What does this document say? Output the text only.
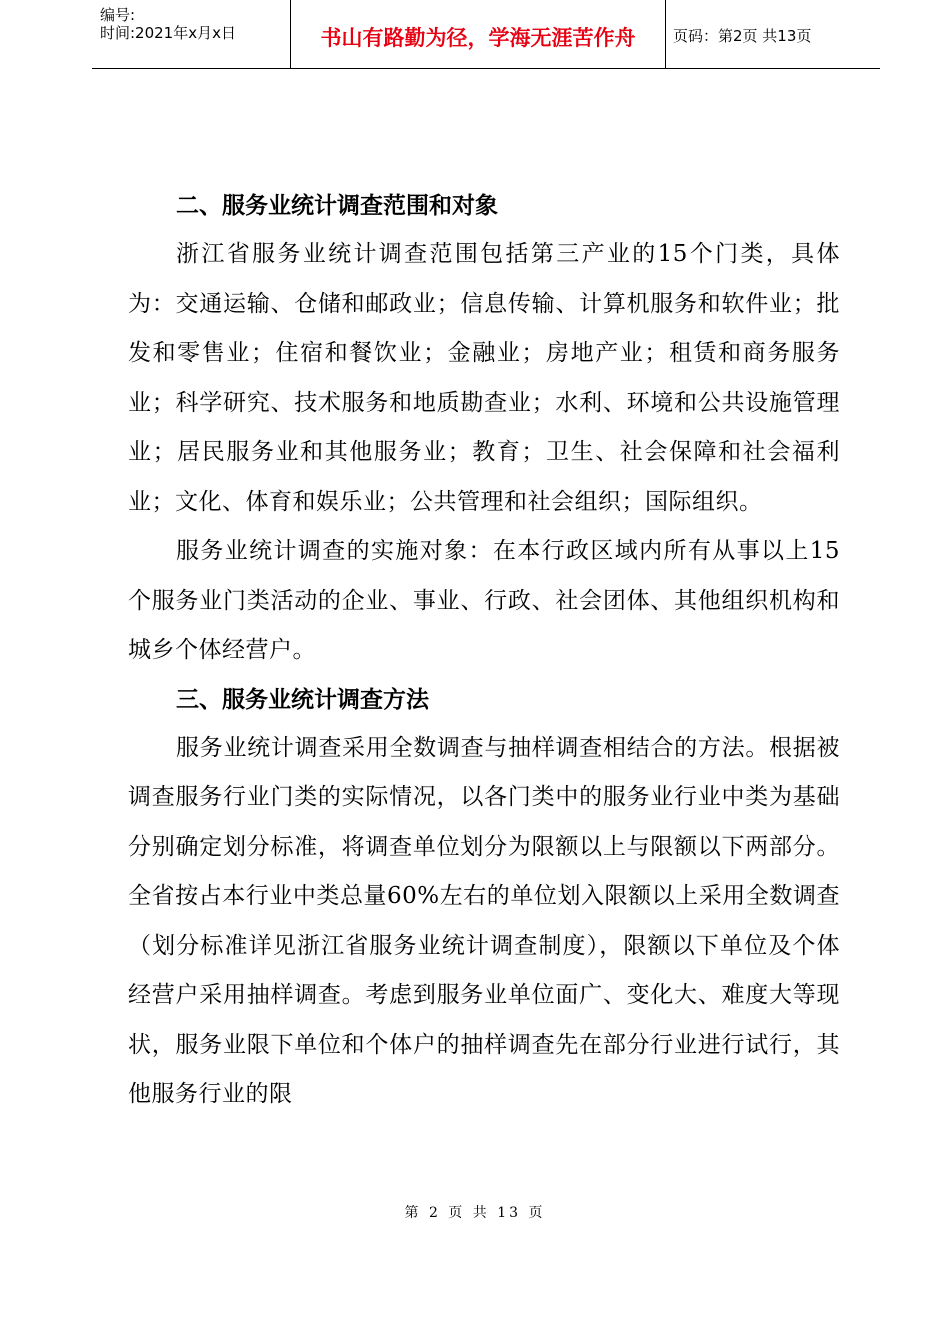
编号:
时间:2021年x月x日	书山有路勤为径，学海无涯苦作舟	页码：第2页 共13页
二、服务业统计调查范围和对象

浙江省服务业统计调查范围包括第三产业的15个门类，具体为：交通运输、仓储和邮政业；信息传输、计算机服务和软件业；批发和零售业；住宿和餐饮业；金融业；房地产业；租赁和商务服务业；科学研究、技术服务和地质勘查业；水利、环境和公共设施管理业；居民服务业和其他服务业；教育；卫生、社会保障和社会福利业；文化、体育和娱乐业；公共管理和社会组织；国际组织。

服务业统计调查的实施对象：在本行政区域内所有从事以上15个服务业门类活动的企业、事业、行政、社会团体、其他组织机构和城乡个体经营户。

三、服务业统计调查方法

服务业统计调查采用全数调查与抽样调查相结合的方法。根据被调查服务行业门类的实际情况，以各门类中的服务业行业中类为基础分别确定划分标准，将调查单位划分为限额以上与限额以下两部分。全省按占本行业中类总量60%左右的单位划入限额以上采用全数调查（划分标准详见浙江省服务业统计调查制度），限额以下单位及个体经营户采用抽样调查。考虑到服务业单位面广、变化大、难度大等现状，服务业限下单位和个体户的抽样调查先在部分行业进行试行，其他服务行业的限

第 2 页 共 13 页
